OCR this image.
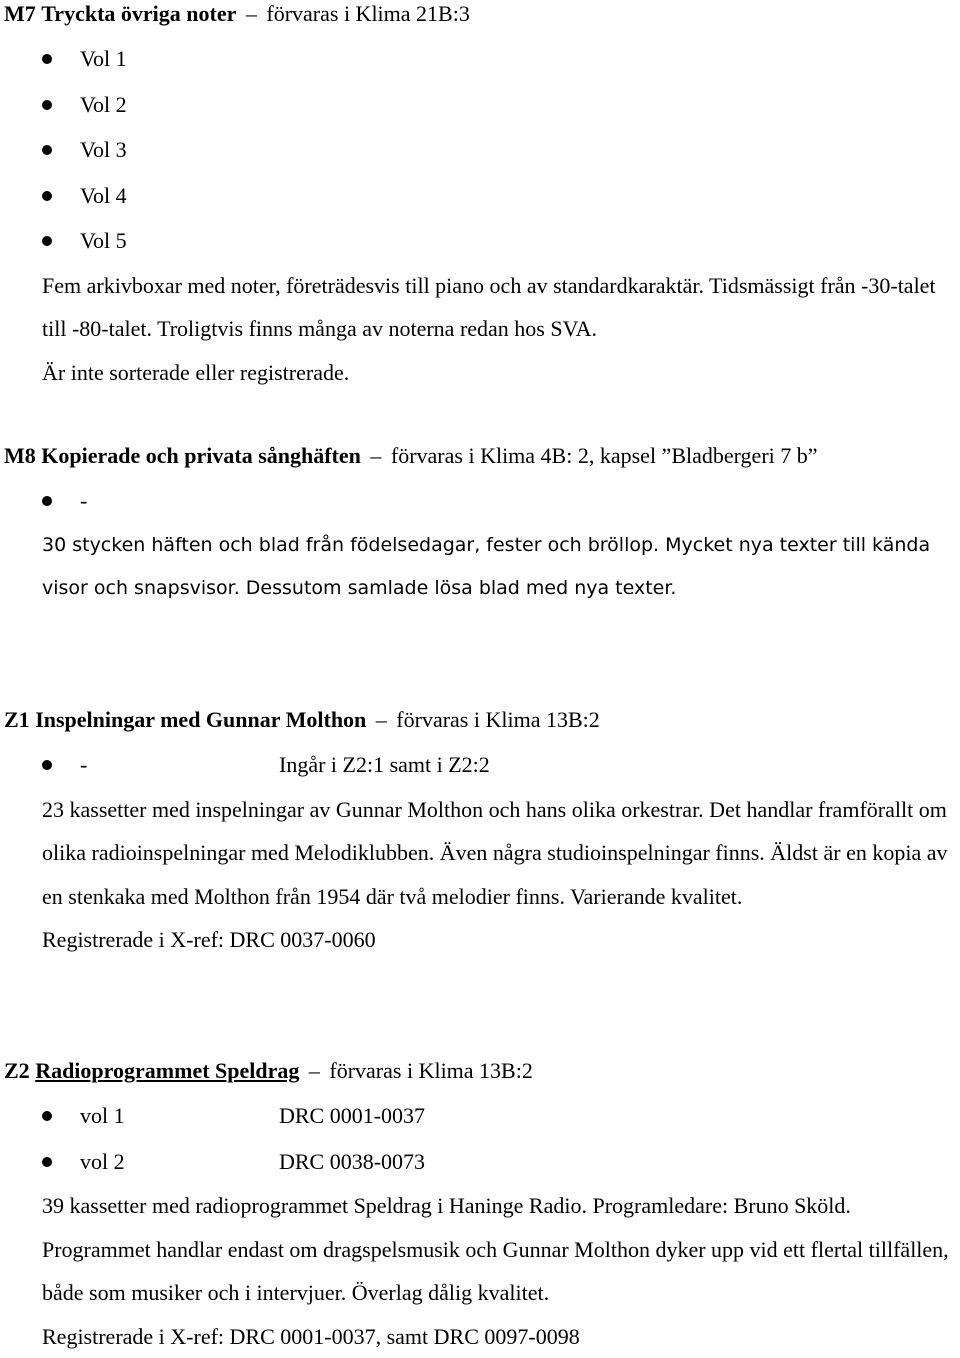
M7 Tryckta övriga noter – förvaras i Klima 21B:3
Vol 1
Vol 2
Vol 3
Vol 4
Vol 5

Fem arkivboxar med noter, företrädesvis till piano och av standardkaraktär. Tidsmässigt från -30-talet till -80-talet. Troligtvis finns många av noterna redan hos SVA.

Är inte sorterade eller registrerade.

M8 Kopierade och privata sånghäften – förvaras i Klima 4B: 2, kapsel ”Bladbergeri 7 b”
-

30 stycken häften och blad från födelsedagar, fester och bröllop. Mycket nya texter till kända visor och snapsvisor. Dessutom samlade lösa blad med nya texter.

Z1 Inspelningar med Gunnar Molthon – förvaras i Klima 13B:2
-	Ingår i Z2:1 samt i Z2:2

23 kassetter med inspelningar av Gunnar Molthon och hans olika orkestrar. Det handlar framförallt om olika radioinspelningar med Melodiklubben. Även några studioinspelningar finns. Äldst är en kopia av en stenkaka med Molthon från 1954 där två melodier finns. Varierande kvalitet.

Registrerade i X-ref: DRC 0037-0060

Z2 Radioprogrammet Speldrag – förvaras i Klima 13B:2
vol 1	DRC 0001-0037
vol 2	DRC 0038-0073

39 kassetter med radioprogrammet Speldrag i Haninge Radio. Programledare: Bruno Sköld. Programmet handlar endast om dragspelsmusik och Gunnar Molthon dyker upp vid ett flertal tillfällen, både som musiker och i intervjuer. Överlag dålig kvalitet.

Registrerade i X-ref: DRC 0001-0037, samt DRC 0097-0098
